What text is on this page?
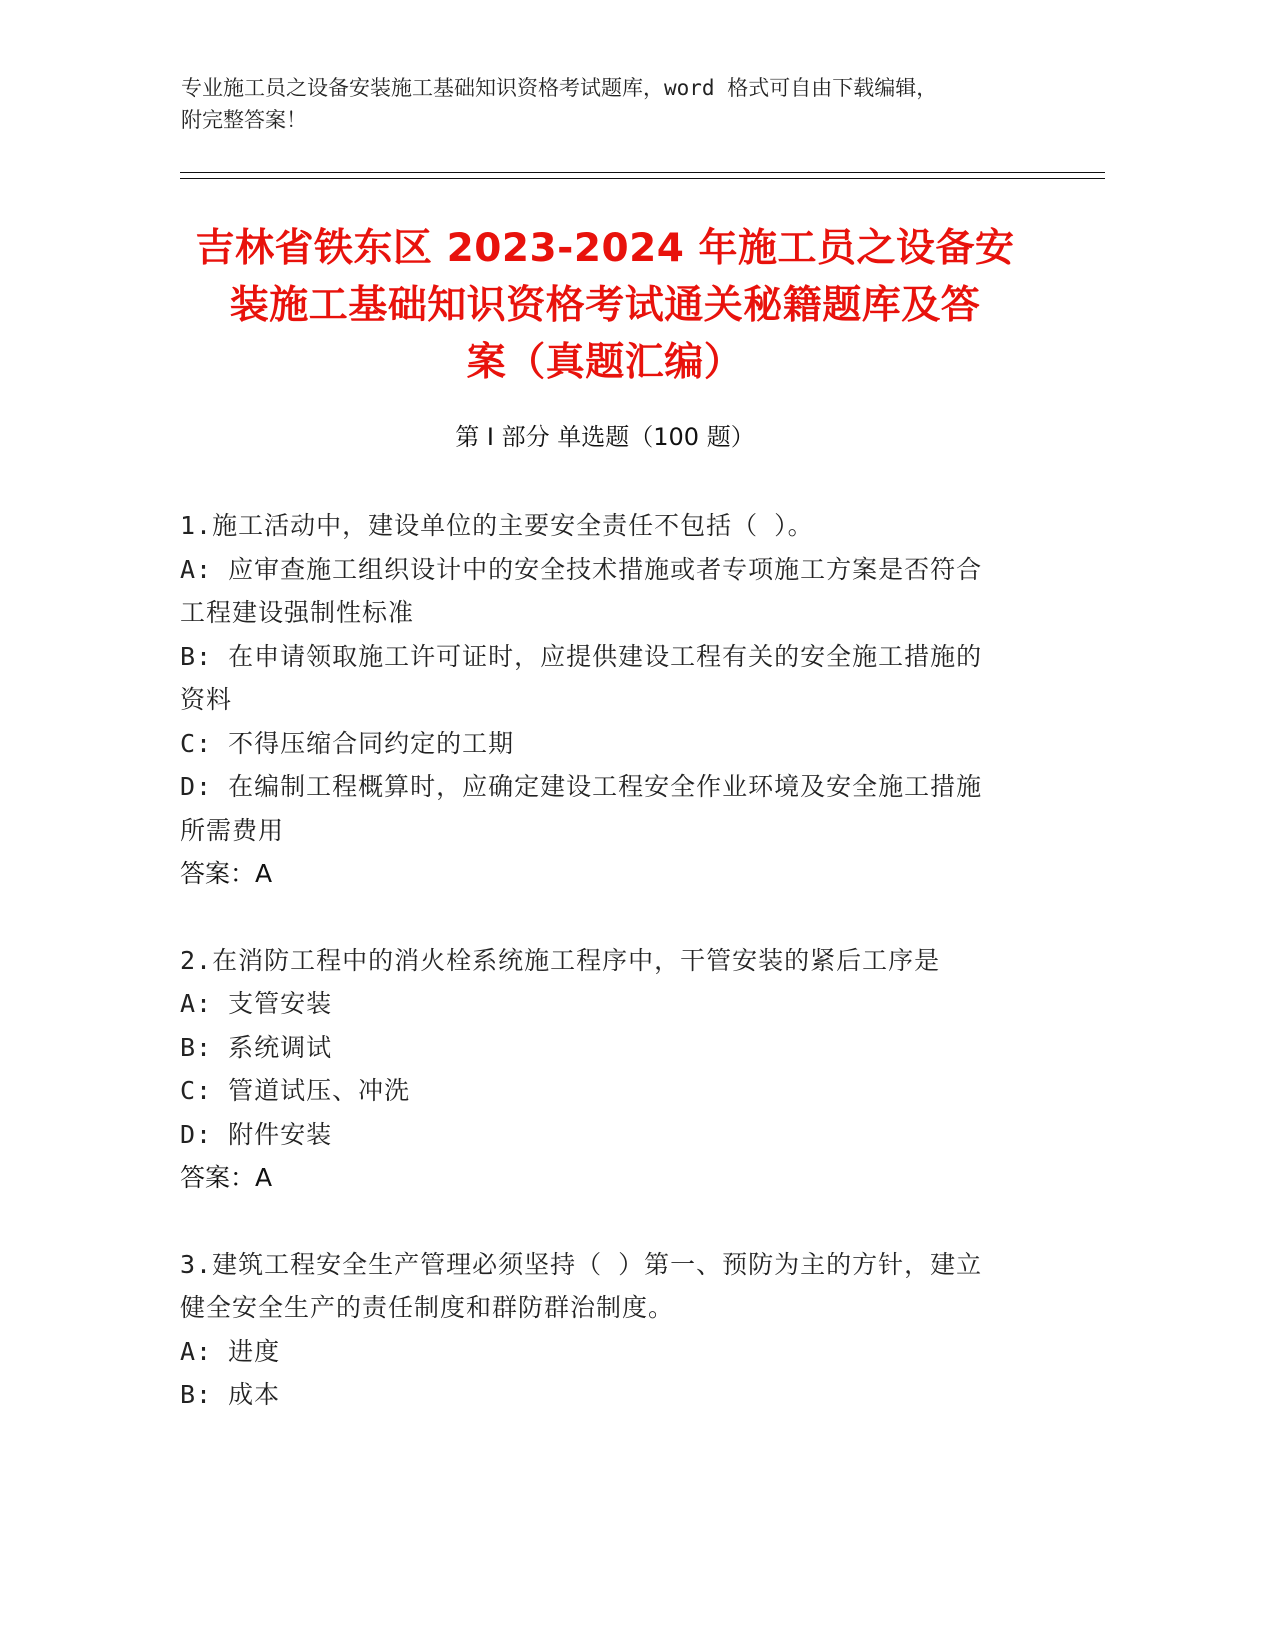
专业施工员之设备安装施工基础知识资格考试题库，word 格式可自由下载编辑，
附完整答案！
吉林省铁东区 2023-2024 年施工员之设备安
装施工基础知识资格考试通关秘籍题库及答
案（真题汇编）
第 I 部分 单选题（100 题）
1.施工活动中，建设单位的主要安全责任不包括（ ）。
A: 应审查施工组织设计中的安全技术措施或者专项施工方案是否符合
工程建设强制性标准
B: 在申请领取施工许可证时，应提供建设工程有关的安全施工措施的
资料
C: 不得压缩合同约定的工期
D: 在编制工程概算时，应确定建设工程安全作业环境及安全施工措施
所需费用
答案：A
2.在消防工程中的消火栓系统施工程序中，干管安装的紧后工序是
A: 支管安装
B: 系统调试
C: 管道试压、冲洗
D: 附件安装
答案：A
3.建筑工程安全生产管理必须坚持（ ）第一、预防为主的方针，建立
健全安全生产的责任制度和群防群治制度。
A: 进度
B: 成本
